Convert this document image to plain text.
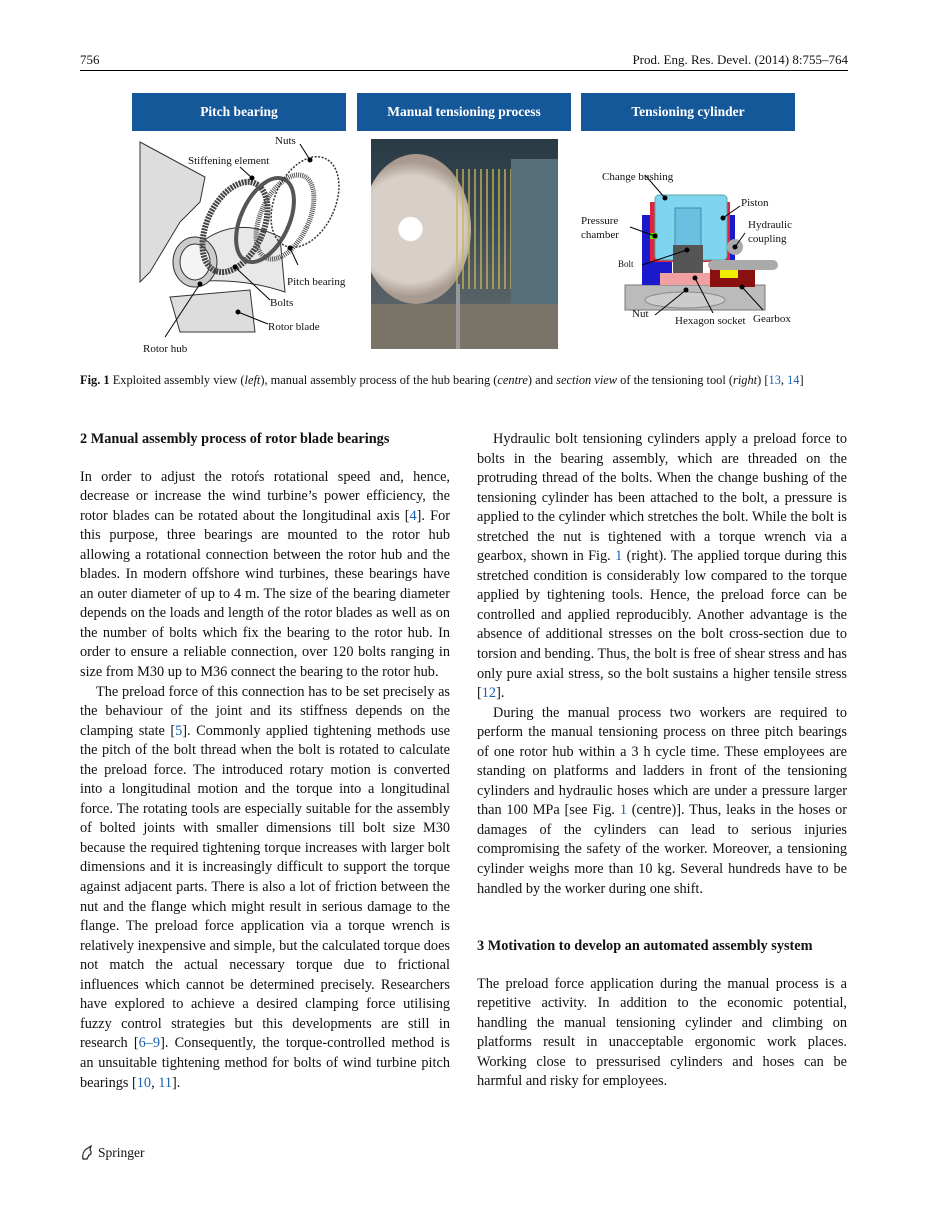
756	Prod. Eng. Res. Devel. (2014) 8:755–764
Pitch bearing	Manual tensioning process	Tensioning cylinder
Nuts
Stiffening element
Pitch bearing
Bolts
Rotor blade
Rotor hub
Change bushing
Piston
Pressure
chamber
Hydraulic
coupling
Bolt
Nut
Hexagon socket Gearbox
Fig. 1 Exploited assembly view (left), manual assembly process of the hub bearing (centre) and section view of the tensioning tool (right) [13, 14]
2 Manual assembly process of rotor blade bearings

In order to adjust the rotoŕs rotational speed and, hence, decrease or increase the wind turbine’s power efficiency, the rotor blades can be rotated about the longitudinal axis [4]. For this purpose, three bearings are mounted to the rotor hub allowing a rotational connection between the rotor hub and the blades. In modern offshore wind turbines, these bearings have an outer diameter of up to 4 m. The size of the bearing diameter depends on the loads and length of the rotor blades as well as on the number of bolts which fix the bearing to the rotor hub. In order to ensure a reliable connection, over 120 bolts ranging in size from M30 up to M36 connect the bearing to the rotor hub.

The preload force of this connection has to be set precisely as the behaviour of the joint and its stiffness depends on the clamping state [5]. Commonly applied tightening methods use the pitch of the bolt thread when the bolt is rotated to calculate the preload force. The introduced rotary motion is converted into a longitudinal motion and the torque into a longitudinal force. The rotating tools are especially suitable for the assembly of bolted joints with smaller dimensions till bolt size M30 because the required tightening torque increases with larger bolt dimensions and it is increasingly difficult to support the torque against adjacent parts. There is also a lot of friction between the nut and the flange which might result in serious damage to the flange. The preload force application via a torque wrench is relatively inexpensive and simple, but the calculated torque does not match the actual necessary torque due to frictional influences which cannot be determined precisely. Researchers have explored to achieve a desired clamping force utilising fuzzy control strategies but this developments are still in research [6–9]. Consequently, the torque-controlled method is an unsuitable tightening method for bolts of wind turbine pitch bearings [10, 11].

Hydraulic bolt tensioning cylinders apply a preload force to bolts in the bearing assembly, which are threaded on the protruding thread of the bolts. When the change bushing of the tensioning cylinder has been attached to the bolt, a pressure is applied to the cylinder which stretches the bolt. While the bolt is stretched the nut is tightened with a torque wrench via a gearbox, shown in Fig. 1 (right). The applied torque during this stretched condition is considerably low compared to the torque applied by tightening tools. Hence, the preload force can be controlled and applied reproducibly. Another advantage is the absence of additional stresses on the bolt cross-section due to torsion and bending. Thus, the bolt is free of shear stress and has only pure axial stress, so the bolt sustains a higher tensile stress [12].

During the manual process two workers are required to perform the manual tensioning process on three pitch bearings of one rotor hub within a 3 h cycle time. These employees are standing on platforms and ladders in front of the tensioning cylinders and hydraulic hoses which are under a pressure larger than 100 MPa [see Fig. 1 (centre)]. Thus, leaks in the hoses or damages of the cylinders can lead to serious injuries compromising the safety of the worker. Moreover, a tensioning cylinder weighs more than 10 kg. Several hundreds have to be handled by the worker during one shift.

3 Motivation to develop an automated assembly system

The preload force application during the manual process is a repetitive activity. In addition to the economic potential, handling the manual tensioning cylinder and climbing on platforms result in unacceptable ergonomic work places. Working close to pressurised cylinders and hoses can be harmful and risky for employees.

Springer
